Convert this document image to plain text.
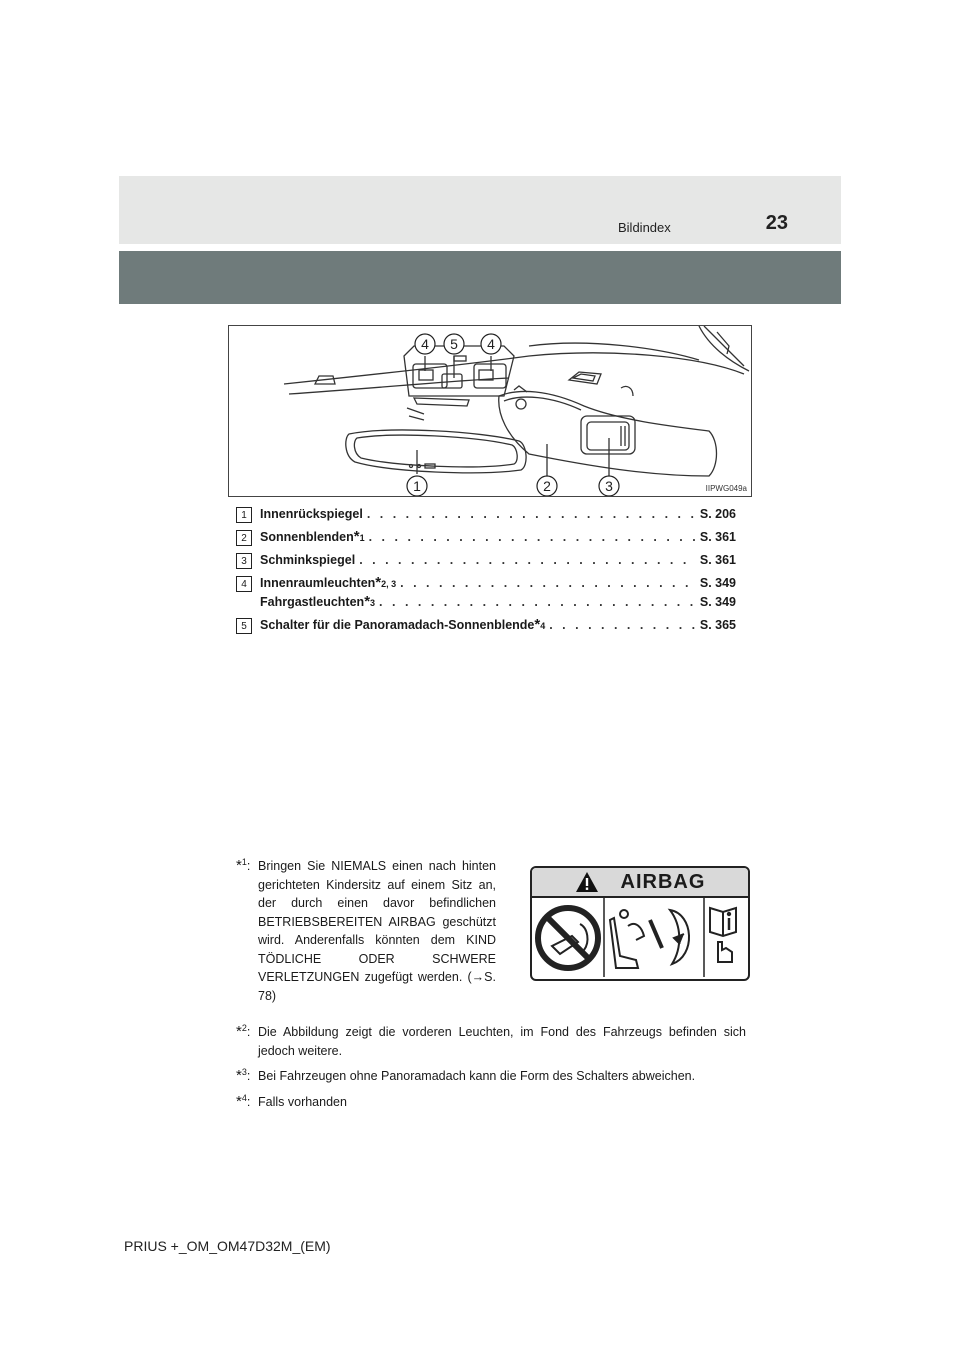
Bildindex	23
4 5 4
1	2	3	IIPWG049a
1	Innenrückspiegel . . .	S. 206
2	Sonnenblenden *1 . . .	S. 361
3	Schminkspiegel . . .	S. 361
4	Innenraumleuchten *2, 3 . . .	S. 349
Fahrgastleuchten *3 . . .	S. 349
5	Schalter für die Panoramadach-Sonnenblende *4 . . .	S. 365
*$^1$: Bringen Sie NIEMALS einen nach hinten gerichteten Kindersitz auf einem Sitz an, der durch einen davor befindlichen BETRIEBSBEREITEN AIRBAG geschützt wird. Anderenfalls könnten dem KIND TÖDLICHE ODER SCHWERE VERLETZUNGEN zugefügt werden. (→S. 78)
*$^2$: Die Abbildung zeigt die vorderen Leuchten, im Fond des Fahrzeugs befinden sich jedoch weitere.
*$^3$: Bei Fahrzeugen ohne Panoramadach kann die Form des Schalters abweichen.
*$^4$: Falls vorhanden
AIRBAG
PRIUS +_OM_OM47D32M_(EM)
